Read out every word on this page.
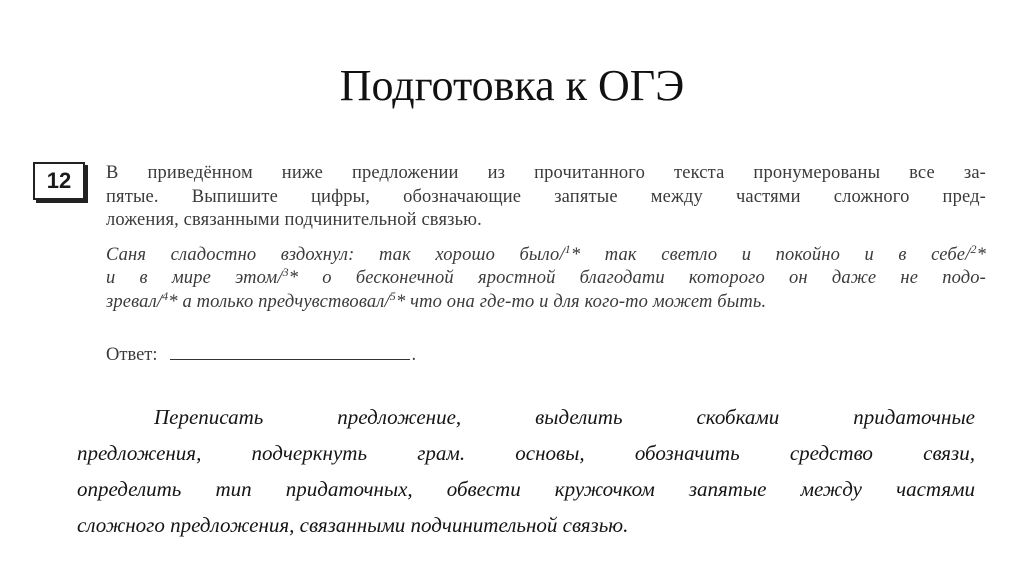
Подготовка к ОГЭ
12	В приведённом ниже предложении из прочитанного текста пронумерованы все за-
пятые. Выпишите цифры, обозначающие запятые между частями сложного пред-
ложения, связанными подчинительной связью.

Саня сладостно вздохнул: так хорошо было/$^1$* так светло и покойно и в себе/$^2$*
и в мире этом/$^3$* о бесконечной яростной благодати которого он даже не подо-
зревал/$^4$* а только предчувствовал/$^5$* что она где-то и для кого-то может быть.

Ответ:	.
Переписать предложение, выделить скобками придаточные
предложения, подчеркнуть грам. основы, обозначить средство связи,
определить тип придаточных, обвести кружочком запятые между частями
сложного предложения, связанными подчинительной связью.
